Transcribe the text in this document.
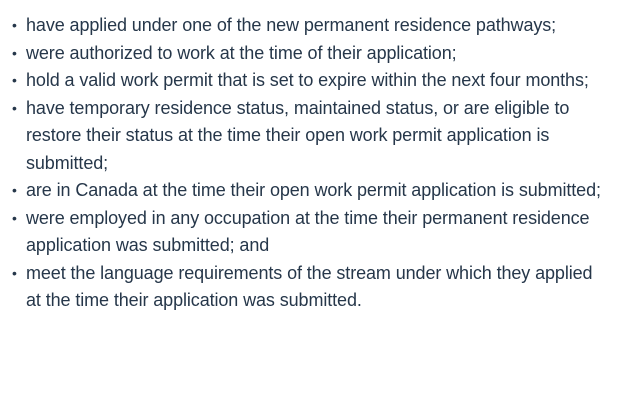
• have applied under one of the new permanent residence pathways;
• were authorized to work at the time of their application;
• hold a valid work permit that is set to expire within the next four months;
• have temporary residence status, maintained status, or are eligible to restore their status at the time their open work permit application is submitted;
• are in Canada at the time their open work permit application is submitted;
• were employed in any occupation at the time their permanent residence application was submitted; and
• meet the language requirements of the stream under which they applied at the time their application was submitted.
